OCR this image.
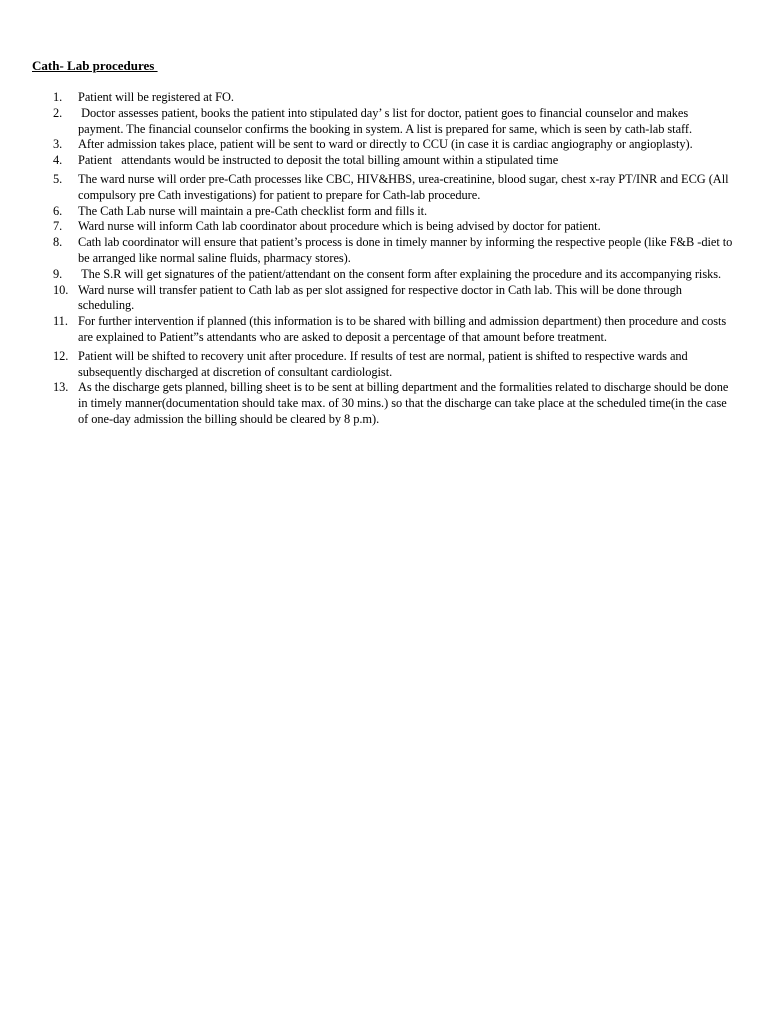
Cath- Lab procedures
1.	Patient will be registered at FO.
2.	Doctor assesses patient, books the patient into stipulated day’ s list for doctor, patient goes to financial counselor and makes payment. The financial counselor confirms the booking in system. A list is prepared for same, which is seen by cath-lab staff.
3.	After admission takes place, patient will be sent to ward or directly to CCU (in case it is cardiac angiography or angioplasty).
4.	Patient   attendants would be instructed to deposit the total billing amount within a stipulated time
5.	The ward nurse will order pre-Cath processes like CBC, HIV&HBS, urea-creatinine, blood sugar, chest x-ray PT/INR and ECG (All compulsory pre Cath investigations) for patient to prepare for Cath-lab procedure.
6.	The Cath Lab nurse will maintain a pre-Cath checklist form and fills it.
7.	Ward nurse will inform Cath lab coordinator about procedure which is being advised by doctor for patient.
8.	Cath lab coordinator will ensure that patient’s process is done in timely manner by informing the respective people (like F&B -diet to be arranged like normal saline fluids, pharmacy stores).
9.	The S.R will get signatures of the patient/attendant on the consent form after explaining the procedure and its accompanying risks.
10. Ward nurse will transfer patient to Cath lab as per slot assigned for respective doctor in Cath lab. This will be done through scheduling.
11. For further intervention if planned (this information is to be shared with billing and admission department) then procedure and costs are explained to Patient”s attendants who are asked to deposit a percentage of that amount before treatment.
12. Patient will be shifted to recovery unit after procedure. If results of test are normal, patient is shifted to respective wards and subsequently discharged at discretion of consultant cardiologist.
13. As the discharge gets planned, billing sheet is to be sent at billing department and the formalities related to discharge should be done in timely manner(documentation should take max. of 30 mins.) so that the discharge can take place at the scheduled time(in the case of one-day admission the billing should be cleared by 8 p.m).
